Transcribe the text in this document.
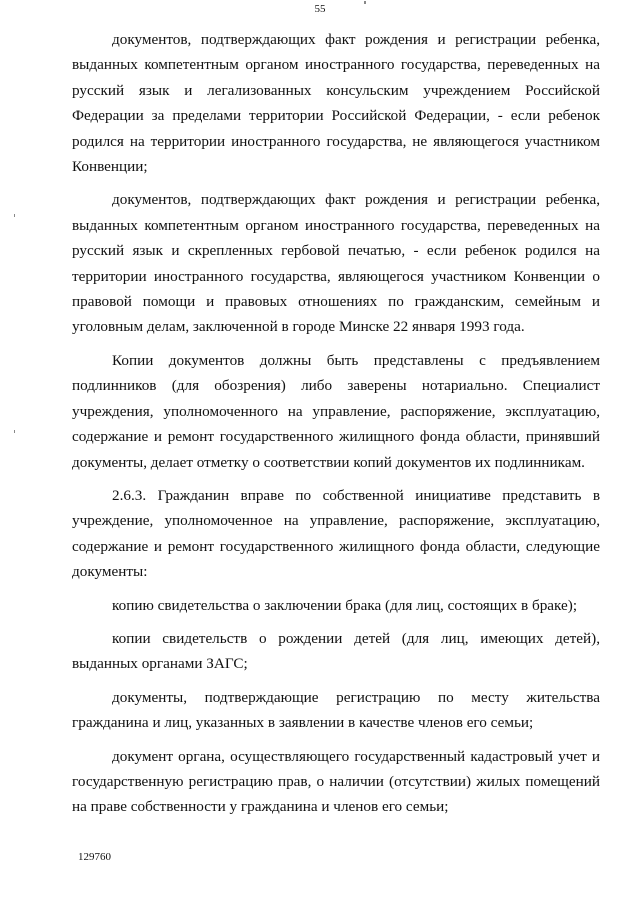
55

документов, подтверждающих факт рождения и регистрации ребенка, выданных компетентным органом иностранного государства, переведенных на русский язык и легализованных консульским учреждением Российской Федерации за пределами территории Российской Федерации, - если ребенок родился на территории иностранного государства, не являющегося участником Конвенции;

документов, подтверждающих факт рождения и регистрации ребенка, выданных компетентным органом иностранного государства, переведенных на русский язык и скрепленных гербовой печатью, - если ребенок родился на территории иностранного государства, являющегося участником Конвенции о правовой помощи и правовых отношениях по гражданским, семейным и уголовным делам, заключенной в городе Минске 22 января 1993 года.

Копии документов должны быть представлены с предъявлением подлинников (для обозрения) либо заверены нотариально. Специалист учреждения, уполномоченного на управление, распоряжение, эксплуатацию, содержание и ремонт государственного жилищного фонда области, принявший документы, делает отметку о соответствии копий документов их подлинникам.

2.6.3. Гражданин вправе по собственной инициативе представить в учреждение, уполномоченное на управление, распоряжение, эксплуатацию, содержание и ремонт государственного жилищного фонда области, следующие документы:

копию свидетельства о заключении брака (для лиц, состоящих в браке);

копии свидетельств о рождении детей (для лиц, имеющих детей), выданных органами ЗАГС;

документы, подтверждающие регистрацию по месту жительства гражданина и лиц, указанных в заявлении в качестве членов его семьи;

документ органа, осуществляющего государственный кадастровый учет и государственную регистрацию прав, о наличии (отсутствии) жилых помещений на праве собственности у гражданина и членов его семьи;

129760
